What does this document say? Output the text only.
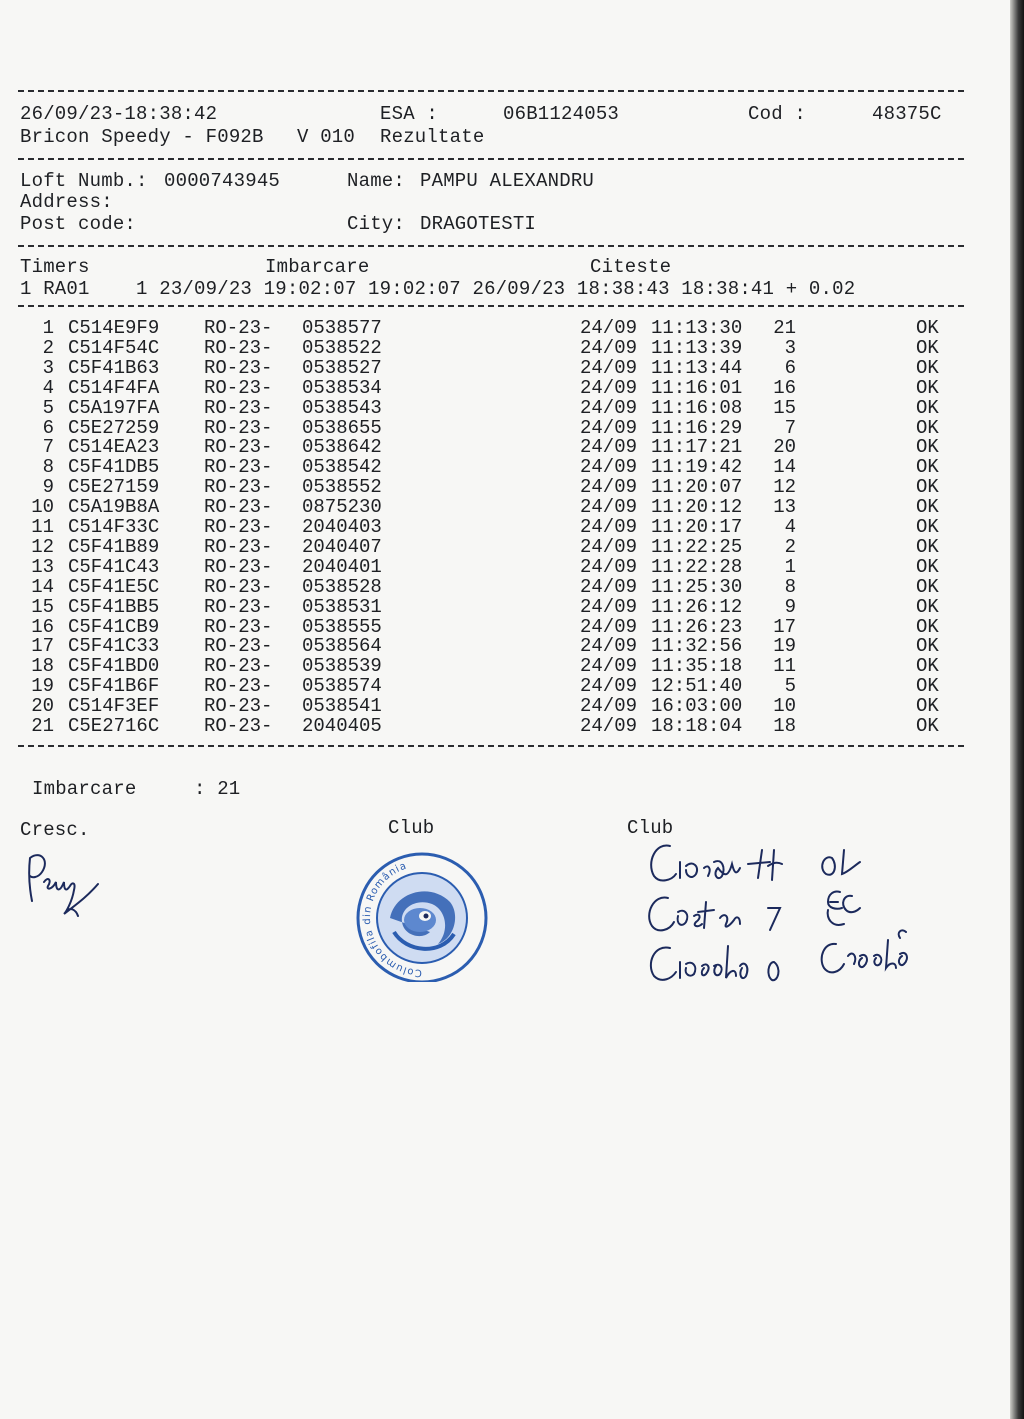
26/09/23-18:38:42	ESA :	06B1124053	Cod :	48375C
Bricon Speedy - F092B V 010 Rezultate
Loft Numb.: 0000743945	Name: PAMPU ALEXANDRU
Address:
Post code:	City: DRAGOTESTI
Timers	Imbarcare	Citeste
1 RA01    1 23/09/23 19:02:07 19:02:07 26/09/23 18:38:43 18:38:41 + 0.02
1 C514E9F9	RO-23-	0538577	24/09 11:13:30	21	OK
2 C514F54C	RO-23-	0538522	24/09 11:13:39	3	OK
3 C5F41B63	RO-23-	0538527	24/09 11:13:44	6	OK
4 C514F4FA	RO-23-	0538534	24/09 11:16:01	16	OK
5 C5A197FA	RO-23-	0538543	24/09 11:16:08	15	OK
6 C5E27259	RO-23-	0538655	24/09 11:16:29	7	OK
7 C514EA23	RO-23-	0538642	24/09 11:17:21	20	OK
8 C5F41DB5	RO-23-	0538542	24/09 11:19:42	14	OK
9 C5E27159	RO-23-	0538552	24/09 11:20:07	12	OK
10 C5A19B8A	RO-23-	0875230	24/09 11:20:12	13	OK
11 C514F33C	RO-23-	2040403	24/09 11:20:17	4	OK
12 C5F41B89	RO-23-	2040407	24/09 11:22:25	2	OK
13 C5F41C43	RO-23-	2040401	24/09 11:22:28	1	OK
14 C5F41E5C	RO-23-	0538528	24/09 11:25:30	8	OK
15 C5F41BB5	RO-23-	0538531	24/09 11:26:12	9	OK
16 C5F41CB9	RO-23-	0538555	24/09 11:26:23	17	OK
17 C5F41C33	RO-23-	0538564	24/09 11:32:56	19	OK
18 C5F41BD0	RO-23-	0538539	24/09 11:35:18	11	OK
19 C5F41B6F	RO-23-	0538574	24/09 12:51:40	5	OK
20 C514F3EF	RO-23-	0538541	24/09 16:03:00	10	OK
21 C5E2716C	RO-23-	2040405	24/09 18:18:04	18	OK
Imbarcare	: 21
Cresc.	Club	Club
Columbofila din România
